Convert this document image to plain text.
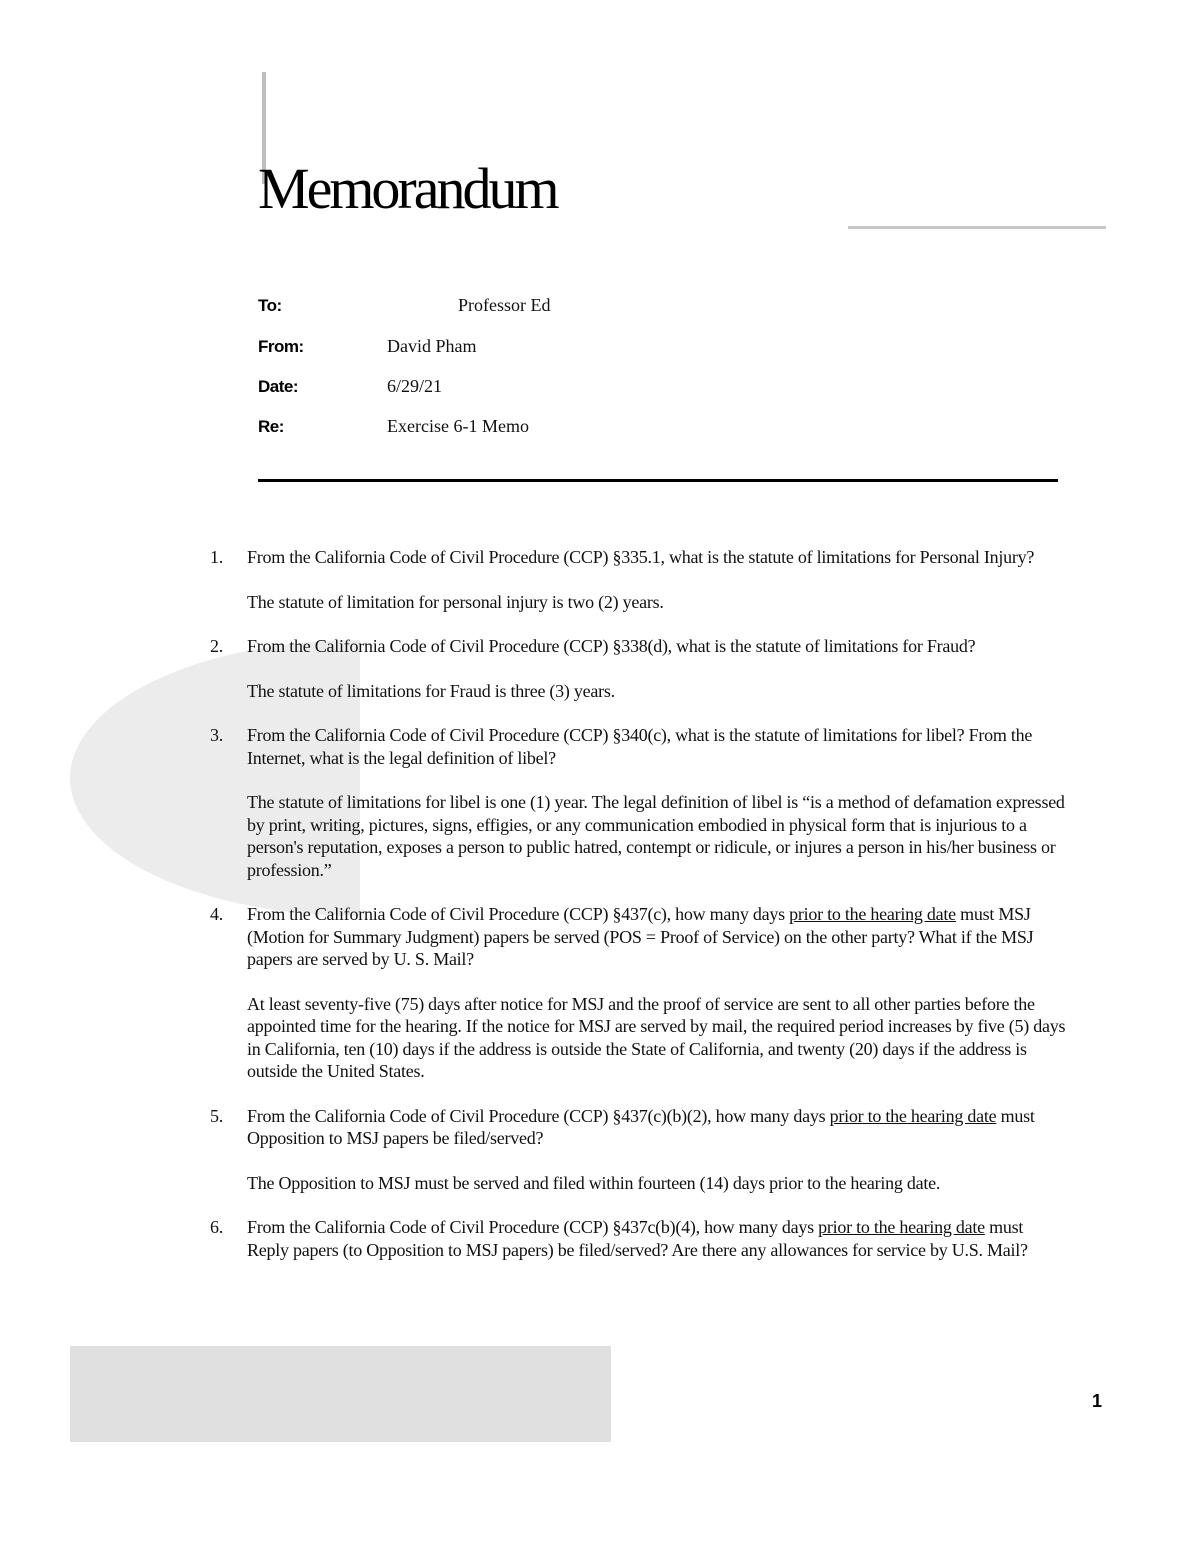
Memorandum
To:	Professor Ed
From:	David Pham
Date:	6/29/21
Re:	Exercise 6-1 Memo
1. From the California Code of Civil Procedure (CCP) §335.1, what is the statute of limitations for Personal Injury?

The statute of limitation for personal injury is two (2) years.

2. From the California Code of Civil Procedure (CCP) §338(d), what is the statute of limitations for Fraud?

The statute of limitations for Fraud is three (3) years.

3. From the California Code of Civil Procedure (CCP) §340(c), what is the statute of limitations for libel? From the Internet, what is the legal definition of libel?

The statute of limitations for libel is one (1) year. The legal definition of libel is “is a method of defamation expressed by print, writing, pictures, signs, effigies, or any communication embodied in physical form that is injurious to a person's reputation, exposes a person to public hatred, contempt or ridicule, or injures a person in his/her business or profession.”

4. From the California Code of Civil Procedure (CCP) §437(c), how many days prior to the hearing date must MSJ (Motion for Summary Judgment) papers be served (POS = Proof of Service) on the other party? What if the MSJ papers are served by U. S. Mail?

At least seventy-five (75) days after notice for MSJ and the proof of service are sent to all other parties before the appointed time for the hearing. If the notice for MSJ are served by mail, the required period increases by five (5) days in California, ten (10) days if the address is outside the State of California, and twenty (20) days if the address is outside the United States.

5. From the California Code of Civil Procedure (CCP) §437(c)(b)(2), how many days prior to the hearing date must Opposition to MSJ papers be filed/served?

The Opposition to MSJ must be served and filed within fourteen (14) days prior to the hearing date.

6. From the California Code of Civil Procedure (CCP) §437c(b)(4), how many days prior to the hearing date must Reply papers (to Opposition to MSJ papers) be filed/served? Are there any allowances for service by U.S. Mail?

1
